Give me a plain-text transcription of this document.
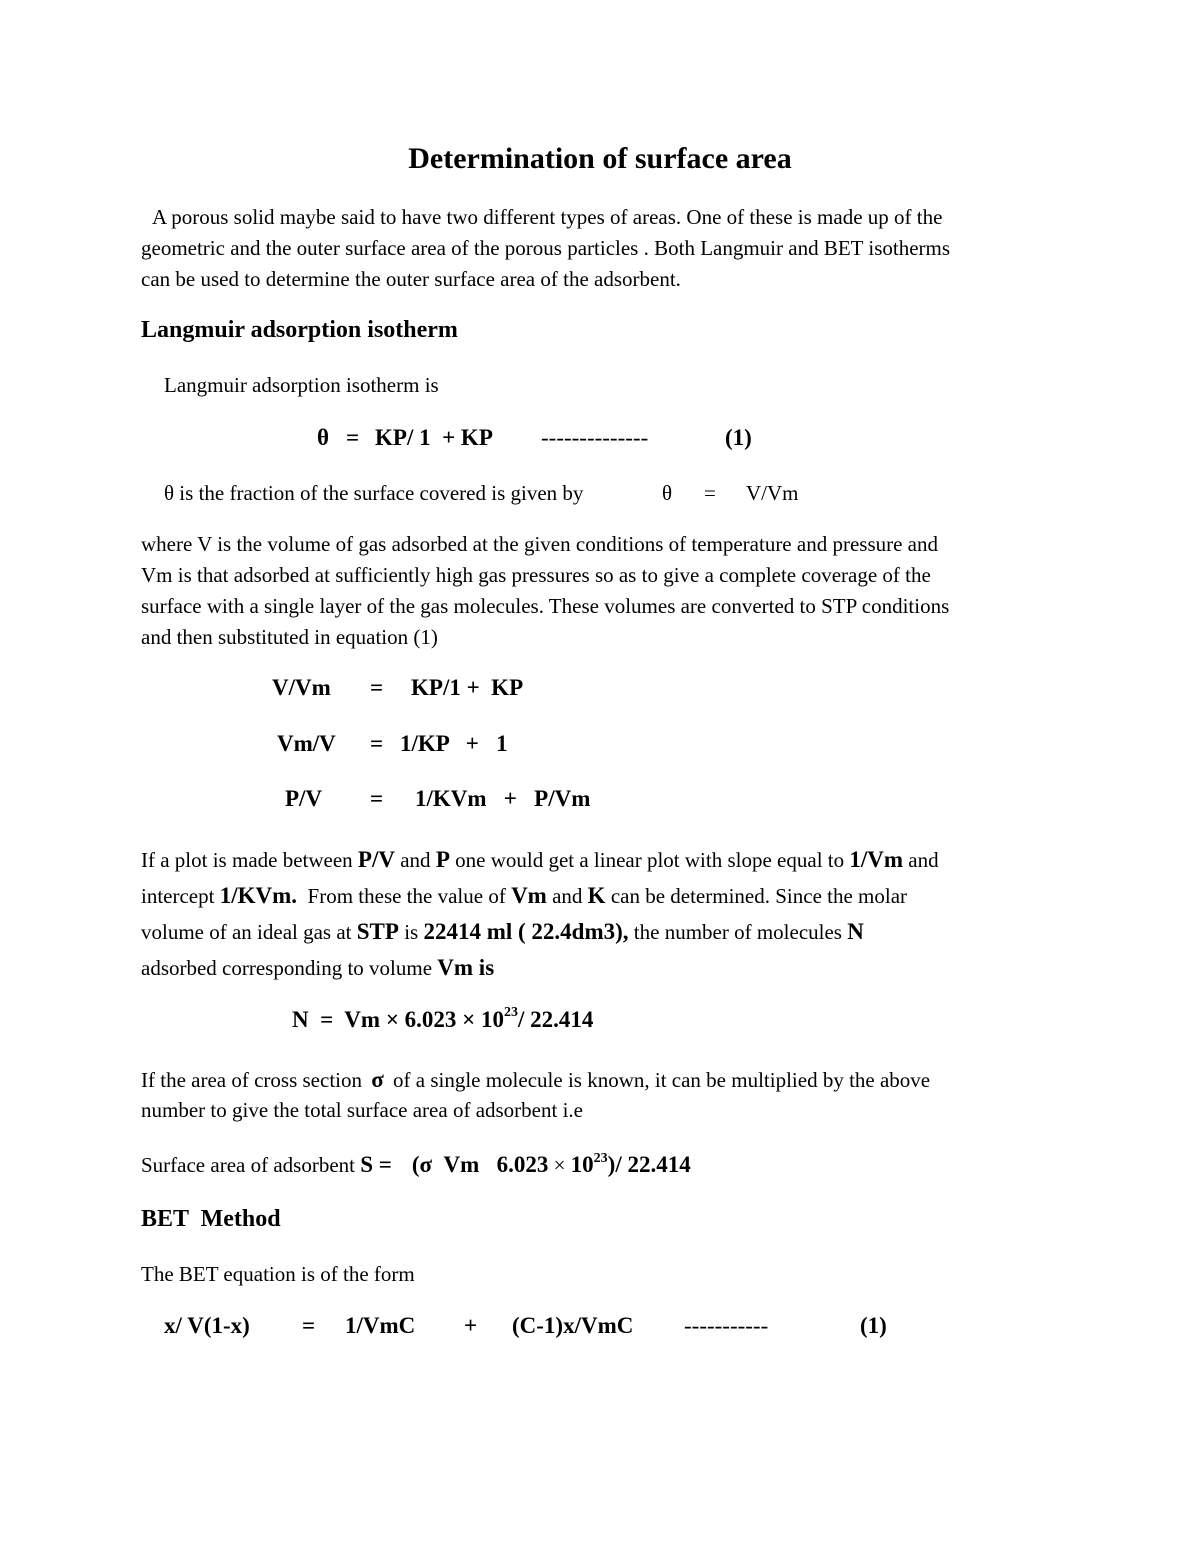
Determination of surface area
A porous solid maybe said to have two different types of areas. One of these is made up of the
geometric and the outer surface area of the porous particles . Both Langmuir and BET isotherms
can be used to determine the outer surface area of the adsorbent.
Langmuir adsorption isotherm
Langmuir adsorption isotherm is
θ = KP/ 1  + KP --------------	(1)
θ is the fraction of the surface covered is given by	θ = V/Vm
where V is the volume of gas adsorbed at the given conditions of temperature and pressure and
Vm is that adsorbed at sufficiently high gas pressures so as to give a complete coverage of the
surface with a single layer of the gas molecules. These volumes are converted to STP conditions
and then substituted in equation (1)
V/Vm = KP/1 +  KP
Vm/V = 1/KP   +   1
P/V = 1/KVm   +   P/Vm
If a plot is made between P/V and P one would get a linear plot with slope equal to 1/Vm and
intercept 1/KVm.  From these the value of Vm and K can be determined. Since the molar
volume of an ideal gas at STP is 22414 ml ( 22.4dm3), the number of molecules N
adsorbed corresponding to volume Vm is
$N = Vm \times 6.023 \times 10^{23}/$ 22.414
If the area of cross section σ of a single molecule is known, it can be multiplied by the above
number to give the total surface area of adsorbent i.e
Surface area of adsorbent S = (σ  Vm   $6.023 \times 10^{23})/$ 22.414
BET  Method
The BET equation is of the form
x/ V(1-x) = 1/VmC + (C-1)x/VmC -----------	(1)
